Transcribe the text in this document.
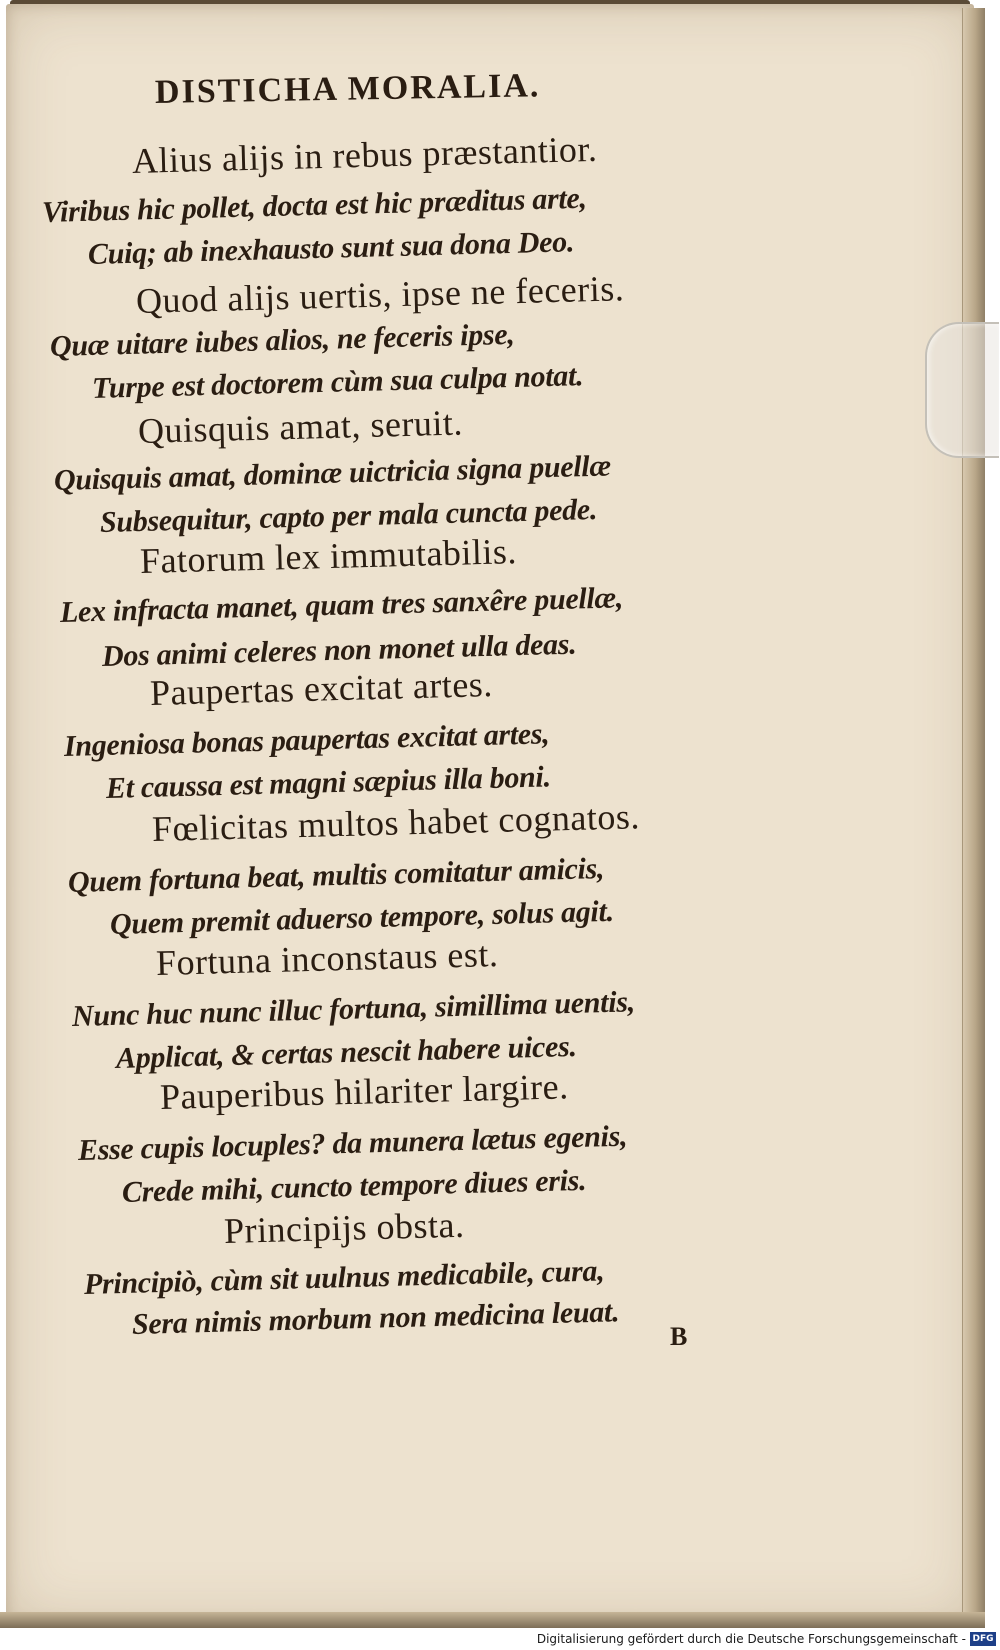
DISTICHA MORALIA.
Alius alijs in rebus præstantior.
Viribus hic pollet, docta est hic præditus arte,
Cuiq; ab inexhausto sunt sua dona Deo.
Quod alijs uertis, ipse ne feceris.
Quæ uitare iubes alios, ne feceris ipse,
Turpe est doctorem cùm sua culpa notat.
Quisquis amat, seruit.
Quisquis amat, dominæ uictricia signa puellæ
Subsequitur, capto per mala cuncta pede.
Fatorum lex immutabilis.
Lex infracta manet, quam tres sanxêre puellæ,
Dos animi celeres non monet ulla deas.
Paupertas excitat artes.
Ingeniosa bonas paupertas excitat artes,
Et caussa est magni sæpius illa boni.
Fœlicitas multos habet cognatos.
Quem fortuna beat, multis comitatur amicis,
Quem premit aduerso tempore, solus agit.
Fortuna inconstaus est.
Nunc huc nunc illuc fortuna, simillima uentis,
Applicat, & certas nescit habere uices.
Pauperibus hilariter largire.
Esse cupis locuples? da munera lætus egenis,
Crede mihi, cuncto tempore diues eris.
Principijs obsta.
Principiò, cùm sit uulnus medicabile, cura,
Sera nimis morbum non medicina leuat. B
Digitalisierung gefördert durch die Deutsche Forschungsgemeinschaft - DFG
